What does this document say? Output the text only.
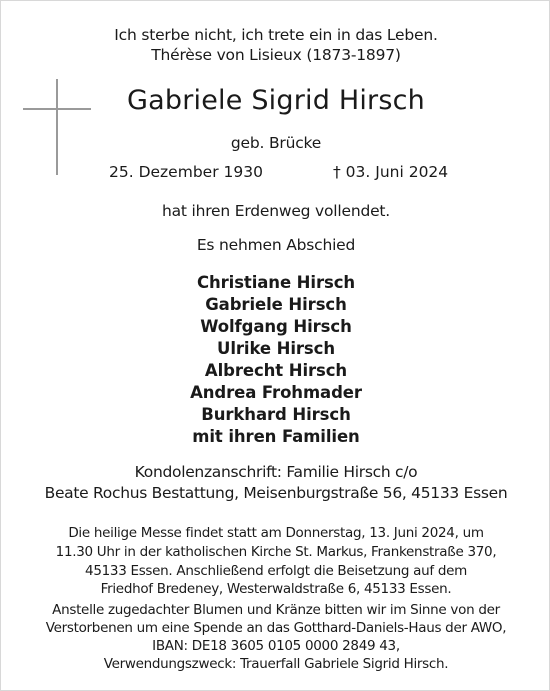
Ich sterbe nicht, ich trete ein in das Leben.
Thérèse von Lisieux (1873-1897)
Gabriele Sigrid Hirsch
geb. Brücke
25. Dezember 1930	† 03. Juni 2024
hat ihren Erdenweg vollendet.
Es nehmen Abschied
Christiane Hirsch
Gabriele Hirsch
Wolfgang Hirsch
Ulrike Hirsch
Albrecht Hirsch
Andrea Frohmader
Burkhard Hirsch
mit ihren Familien
Kondolenzanschrift: Familie Hirsch c/o
Beate Rochus Bestattung, Meisenburgstraße 56, 45133 Essen
Die heilige Messe findet statt am Donnerstag, 13. Juni 2024, um
11.30 Uhr in der katholischen Kirche St. Markus, Frankenstraße 370,
45133 Essen. Anschließend erfolgt die Beisetzung auf dem
Friedhof Bredeney, Westerwaldstraße 6, 45133 Essen.
Anstelle zugedachter Blumen und Kränze bitten wir im Sinne von der
Verstorbenen um eine Spende an das Gotthard-Daniels-Haus der AWO,
IBAN: DE18 3605 0105 0000 2849 43,
Verwendungszweck: Trauerfall Gabriele Sigrid Hirsch.
